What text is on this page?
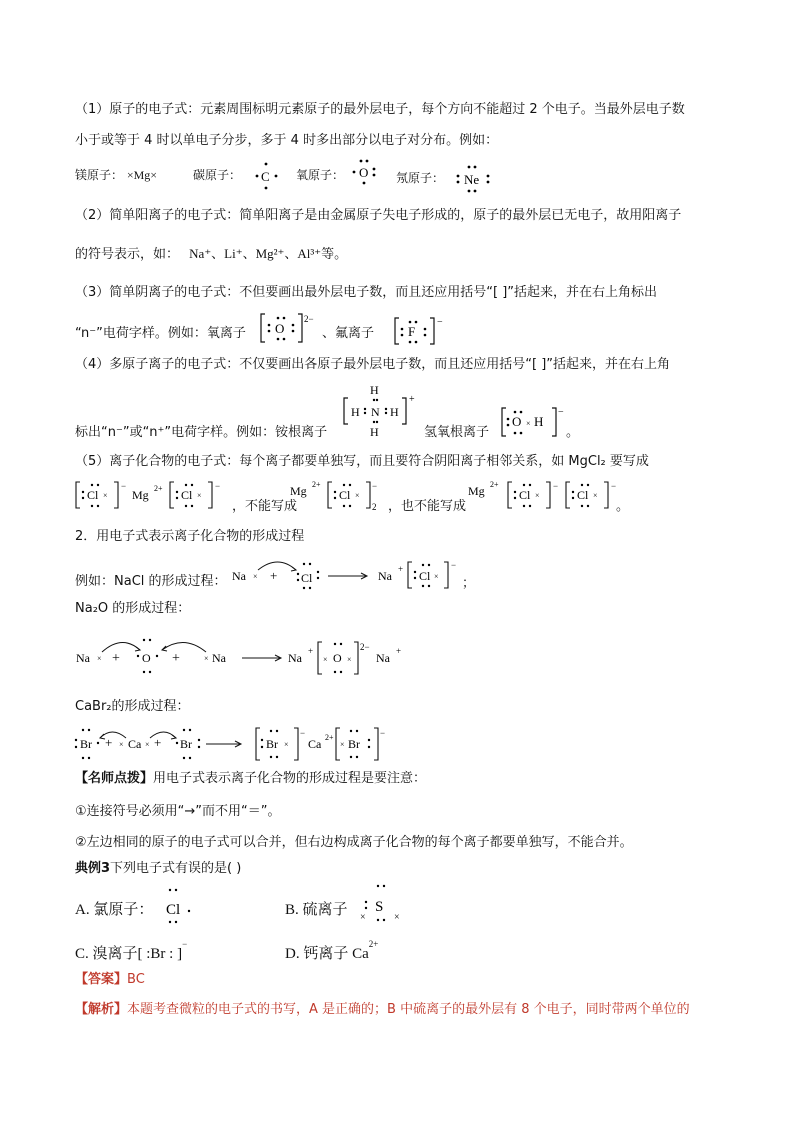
（1）原子的电子式：元素周围标明元素原子的最外层电子，每个方向不能超过 2 个电子。当最外层电子数
小于或等于 4 时以单电子分步，多于 4 时多出部分以电子对分布。例如：
镁原子： ×Mg×	碳原子： C 氧原子： O 氖原子： Ne
（2）简单阳离子的电子式：简单阳离子是由金属原子失电子形成的，原子的最外层已无电子，故用阳离子
的符号表示，如： Na⁺、Li⁺、Mg²⁺、Al³⁺等。
（3）简单阴离子的电子式：不但要画出最外层电子数，而且还应用括号“[ ]”括起来，并在右上角标出
“n⁻”电荷字样。例如：氧离子 O
2−
、氟离子	F
−
（4）多原子离子的电子式：不仅要画出各原子最外层电子数，而且还应用括号“[ ]”括起来，并在右上角
标出“n⁻”或“n⁺”电荷字样。例如：铵根离子
H
H N H
H
+
氢氧根离子
O × H
−
。
（5）离子化合物的电子式：每个离子都要单独写，而且要符合阴阳离子相邻关系，如 MgCl₂ 要写成
Cl ×
−
Mg 2+ Cl ×
−	Mg 2+
Cl ×
−
2
Mg 2+
Cl ×
−
Cl ×
−
，不能写成	，也不能写成	。
2．用电子式表示离子化合物的形成过程
例如：NaCl 的形成过程： Na × + Cl	Na + Cl ×
−
；
Na₂O 的形成过程：
Na × + O +	× Na	Na +
× ×
O
2−
Na +
CaBr₂的形成过程：
Br + × Ca × + Br	Br ×
−
Ca 2+
× Br
−
【名师点拨】用电子式表示离子化合物的形成过程是要注意：
①连接符号必须用“→”而不用“＝”。
②左边相同的原子的电子式可以合并，但右边构成离子化合物的每个离子都要单独写，不能合并。
典例3下列电子式有误的是( )
A. 氯原子： Cl	B. 硫离子 ×	×
S
C. 溴离子[ :Br : ]−
D. 钙离子 $Ca^{2+}$
【答案】BC
【解析】本题考查微粒的电子式的书写，A 是正确的；B 中硫离子的最外层有 8 个电子，同时带两个单位的
